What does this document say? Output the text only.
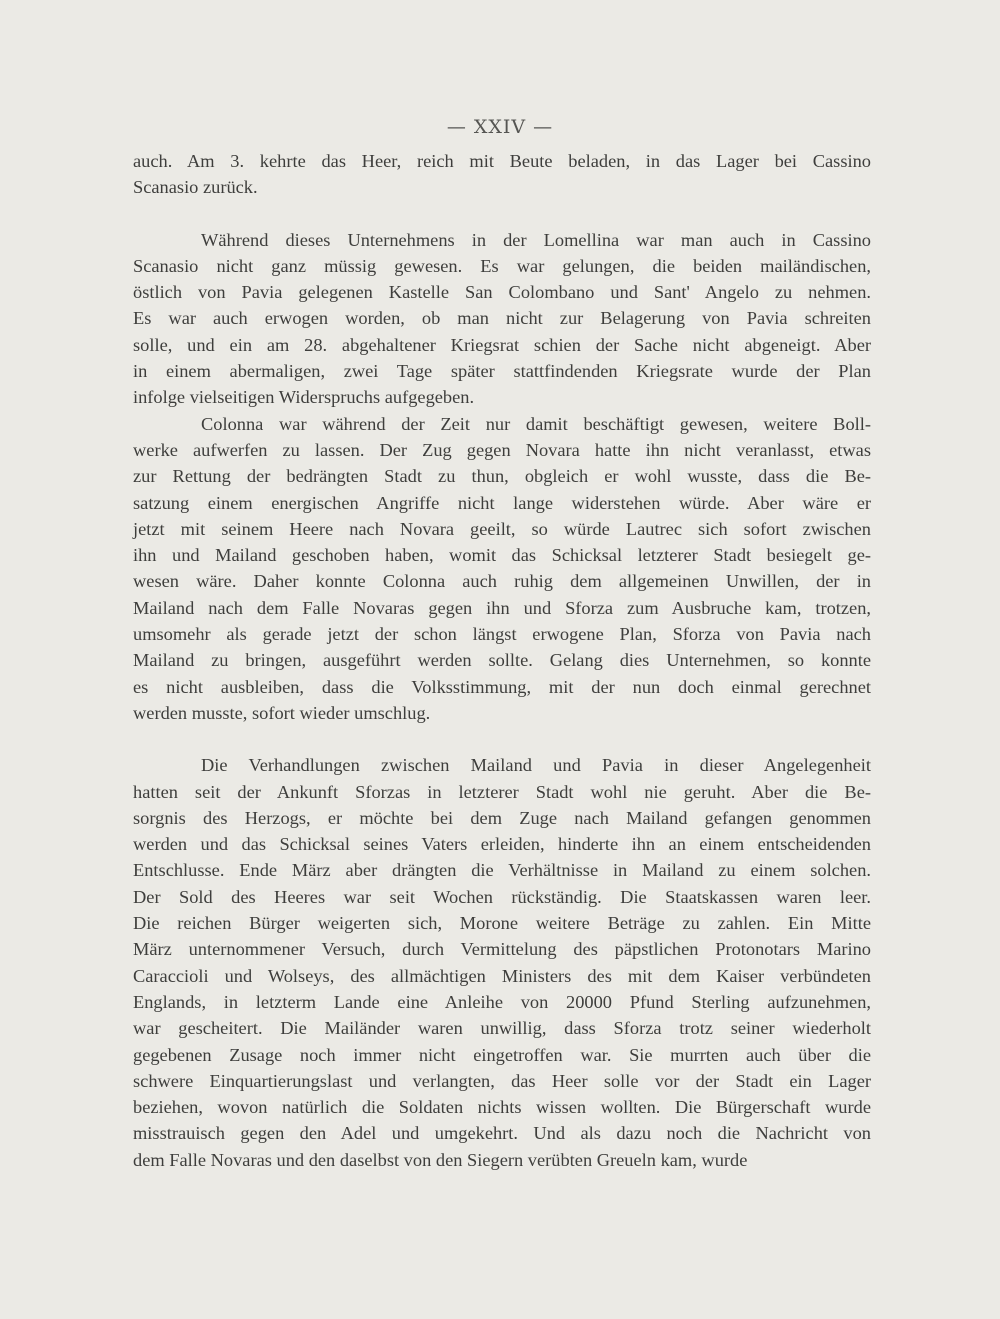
— XXIV —
auch. Am 3. kehrte das Heer, reich mit Beute beladen, in das Lager bei Cassino
Scanasio zurück.
Während dieses Unternehmens in der Lomellina war man auch in Cassino
Scanasio nicht ganz müssig gewesen. Es war gelungen, die beiden mailändischen,
östlich von Pavia gelegenen Kastelle San Colombano und Sant' Angelo zu nehmen.
Es war auch erwogen worden, ob man nicht zur Belagerung von Pavia schreiten
solle, und ein am 28. abgehaltener Kriegsrat schien der Sache nicht abgeneigt. Aber
in einem abermaligen, zwei Tage später stattfindenden Kriegsrate wurde der Plan
infolge vielseitigen Widerspruchs aufgegeben.
Colonna war während der Zeit nur damit beschäftigt gewesen, weitere Boll-
werke aufwerfen zu lassen. Der Zug gegen Novara hatte ihn nicht veranlasst, etwas
zur Rettung der bedrängten Stadt zu thun, obgleich er wohl wusste, dass die Be-
satzung einem energischen Angriffe nicht lange widerstehen würde. Aber wäre er
jetzt mit seinem Heere nach Novara geeilt, so würde Lautrec sich sofort zwischen
ihn und Mailand geschoben haben, womit das Schicksal letzterer Stadt besiegelt ge-
wesen wäre. Daher konnte Colonna auch ruhig dem allgemeinen Unwillen, der in
Mailand nach dem Falle Novaras gegen ihn und Sforza zum Ausbruche kam, trotzen,
umsomehr als gerade jetzt der schon längst erwogene Plan, Sforza von Pavia nach
Mailand zu bringen, ausgeführt werden sollte. Gelang dies Unternehmen, so konnte
es nicht ausbleiben, dass die Volksstimmung, mit der nun doch einmal gerechnet
werden musste, sofort wieder umschlug.
Die Verhandlungen zwischen Mailand und Pavia in dieser Angelegenheit
hatten seit der Ankunft Sforzas in letzterer Stadt wohl nie geruht. Aber die Be-
sorgnis des Herzogs, er möchte bei dem Zuge nach Mailand gefangen genommen
werden und das Schicksal seines Vaters erleiden, hinderte ihn an einem entscheidenden
Entschlusse. Ende März aber drängten die Verhältnisse in Mailand zu einem solchen.
Der Sold des Heeres war seit Wochen rückständig. Die Staatskassen waren leer.
Die reichen Bürger weigerten sich, Morone weitere Beträge zu zahlen. Ein Mitte
März unternommener Versuch, durch Vermittelung des päpstlichen Protonotars Marino
Caraccioli und Wolseys, des allmächtigen Ministers des mit dem Kaiser verbündeten
Englands, in letzterm Lande eine Anleihe von 20000 Pfund Sterling aufzunehmen,
war gescheitert. Die Mailänder waren unwillig, dass Sforza trotz seiner wiederholt
gegebenen Zusage noch immer nicht eingetroffen war. Sie murrten auch über die
schwere Einquartierungslast und verlangten, das Heer solle vor der Stadt ein Lager
beziehen, wovon natürlich die Soldaten nichts wissen wollten. Die Bürgerschaft wurde
misstrauisch gegen den Adel und umgekehrt. Und als dazu noch die Nachricht von
dem Falle Novaras und den daselbst von den Siegern verübten Greueln kam, wurde
